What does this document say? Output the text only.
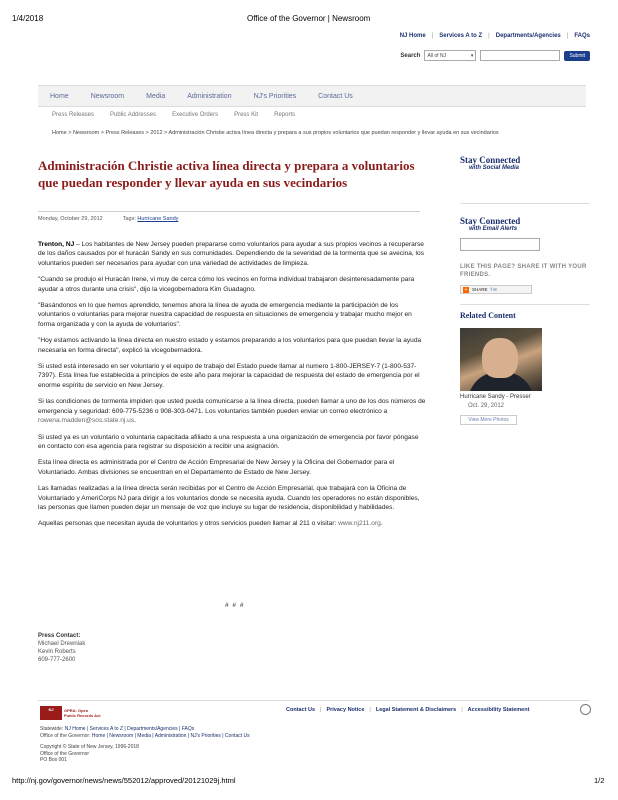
1/4/2018	Office of the Governor | Newsroom
NJ Home | Services A to Z | Departments/Agencies | FAQs
Search All of NJ	▾	Submit
Home	Newsroom	Media	Administration	NJ's Priorities	Contact Us
Press Releases	Public Addresses	Executive Orders	Press Kit	Reports
Home > Newsroom > Press Releases > 2012 > Administración Christie activa línea directa y prepara a sus propios voluntarios que puedan responder y llevar ayuda en sus vecindarios
Administración Christie activa línea directa y prepara a voluntarios que puedan responder y llevar ayuda en sus vecindarios
Monday, October 29, 2012	Tags: Hurricane Sandy

Trenton, NJ – Los habitantes de New Jersey pueden prepararse como voluntarios para ayudar a sus propios vecinos a recuperarse de los daños causados por el huracán Sandy en sus comunidades. Dependiendo de la severidad de la tormenta que se avecina, los voluntarios pueden ser necesarios para ayudar con una variedad de actividades de limpieza.

"Cuando se produjo el Huracán Irene, vi muy de cerca cómo los vecinos en forma individual trabajaron desinteresadamente para ayudar a otros durante una crisis", dijo la vicegobernadora Kim Guadagno.

"Basándonos en lo que hemos aprendido, tenemos ahora la línea de ayuda de emergencia mediante la participación de los voluntarios o voluntarias para mejorar nuestra capacidad de respuesta en situaciones de emergencia y trabajar mucho mejor en forma organizada y con la ayuda de voluntarios".

"Hoy estamos activando la línea directa en nuestro estado y estamos preparando a los voluntarios para que puedan llevar la ayuda necesaria en forma directa", explicó la vicegobernadora.

Si usted está interesado en ser voluntario y el equipo de trabajo del Estado puede llamar al numero 1-800-JERSEY-7 (1-800-537-7397). Esta línea fue establecida a principios de este año para mejorar la capacidad de respuesta del estado de emergencia por el enorme espíritu de servicio en New Jersey.

Si las condiciones de tormenta impiden que usted pueda comunicarse a la línea directa, pueden llamar a uno de los dos números de emergencia y seguridad: 609-775-5236 o 908-303-0471. Los voluntarios también pueden enviar un correo electrónico a rowena.madden@sos.state.nj.us.

Si usted ya es un voluntario o voluntaria capacitada afiliado a una respuesta a una organización de emergencia por favor póngase en contacto con esa agencia para registrar su disposición a recibir una asignación.

Esta línea directa es administrada por el Centro de Acción Empresarial de New Jersey y la Oficina del Gobernador para el Voluntariado. Ambas divisiones se encuentran en el Departamento de Estado de New Jersey.

Las llamadas realizadas a la línea directa serán recibidas por el Centro de Acción Empresarial, que trabajará con la Oficina de Voluntariado y AmeriCorps NJ para dirigir a los voluntarios donde se necesita ayuda. Cuando los operadores no están disponibles, las personas que llamen pueden dejar un mensaje de voz que incluye su lugar de residencia, disponibilidad y habilidades.

Aquellas personas que necesitan ayuda de voluntarios y otros servicios pueden llamar al 211 o visitar: www.nj211.org.

# # #
Press Contact:
Michael Drewniak
Kevin Roberts
609-777-2600
Stay Connected
with Social Media
Stay Connected
with Email Alerts
LIKE THIS PAGE? SHARE IT WITH YOUR FRIENDS.
+	SHARE f ✉
Related Content
Hurricane Sandy - Presser
Oct. 29, 2012
View More Photos
NJ	OPRA: Open
Public Records Act
Contact Us | Privacy Notice | Legal Statement & Disclaimers | Accessibility Statement
Statewide: NJ Home | Services A to Z | Departments/Agencies | FAQs
Office of the Governor: Home | Newsroom | Media | Administration | NJ's Priorities | Contact Us
Copyright © State of New Jersey, 1996-2018
Office of the Governor
PO Box 001
http://nj.gov/governor/news/news/552012/approved/20121029j.html	1/2
